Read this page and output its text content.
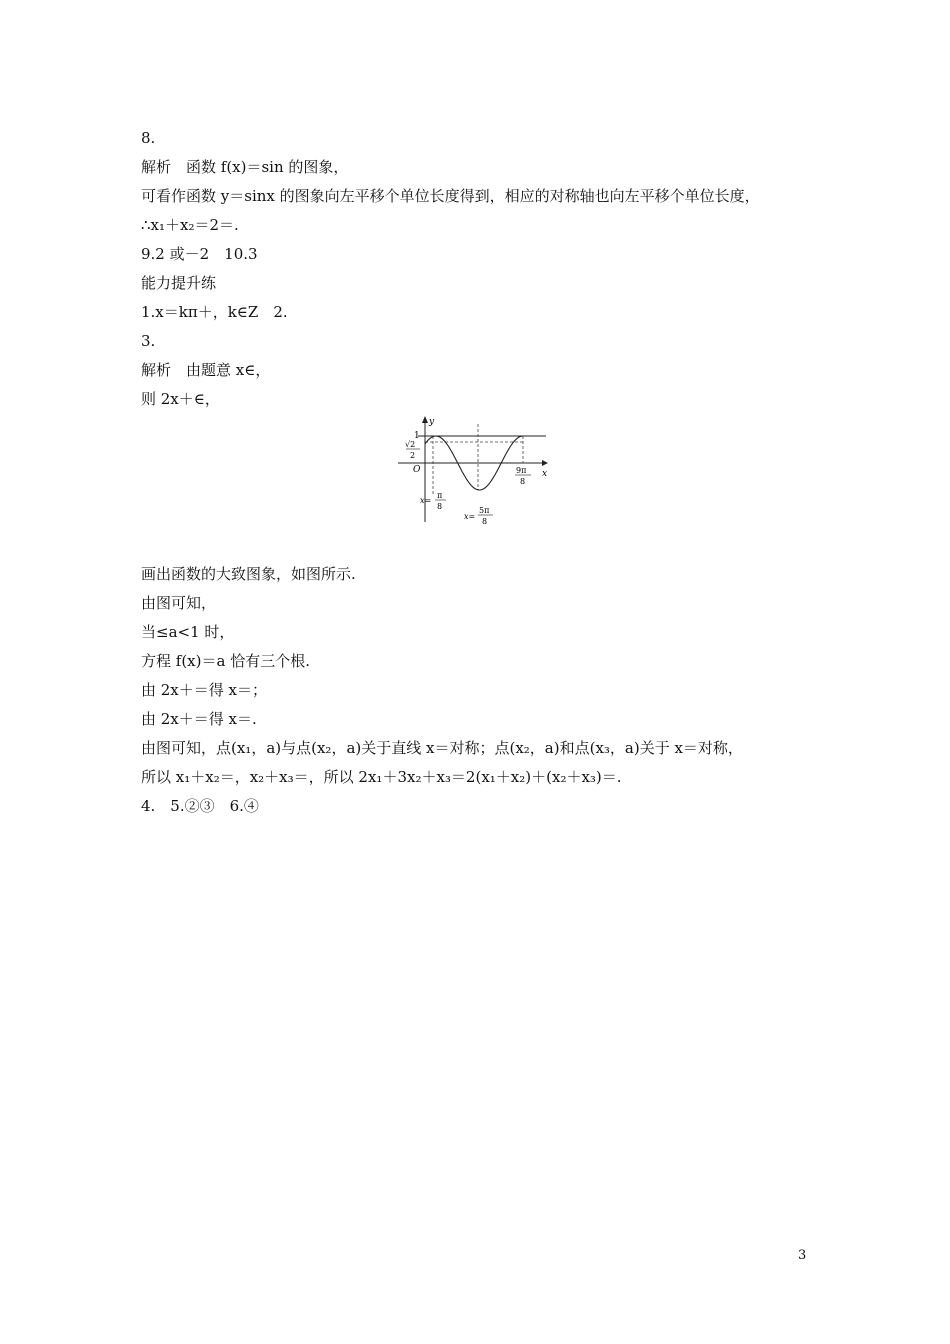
8.
解析　函数 f(x)＝sin 的图象，
可看作函数 y＝sinx 的图象向左平移个单位长度得到，相应的对称轴也向左平移个单位长度，
∴x₁＋x₂＝2＝.
9.2 或－2　10.3
能力提升练
1.x＝kπ＋，k∈Z　2.
3.
解析　由题意 x∈，
则 2x＋∈，
y
x
1
√2
2
O	9π
8
x=
π
8
x=
5π
8
画出函数的大致图象，如图所示.
由图可知，
当≤a<1 时，
方程 f(x)＝a 恰有三个根.
由 2x＋＝得 x＝；
由 2x＋＝得 x＝.
由图可知，点(x₁，a)与点(x₂，a)关于直线 x＝对称；点(x₂，a)和点(x₃，a)关于 x＝对称，
所以 x₁＋x₂＝，x₂＋x₃＝，所以 2x₁＋3x₂＋x₃＝2(x₁＋x₂)＋(x₂＋x₃)＝.
4.　5.②③　6.④
3
